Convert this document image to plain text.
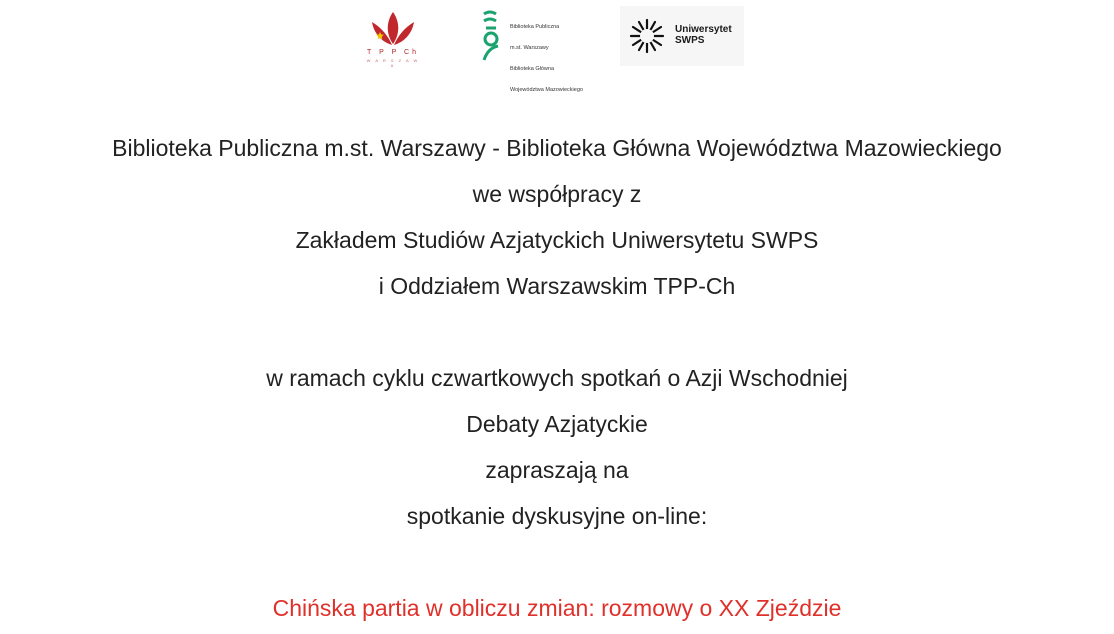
T P P Ch
W A R S Z A W A

Biblioteka Publiczna

m.st. Warszawy

Biblioteka Główna

Województwa Mazowieckiego

Uniwersytet
SWPS
Biblioteka Publiczna m.st. Warszawy - Biblioteka Główna Województwa Mazowieckiego
we współpracy z
Zakładem Studiów Azjatyckich Uniwersytetu SWPS
i Oddziałem Warszawskim TPP-Ch
w ramach cyklu czwartkowych spotkań o Azji Wschodniej
Debaty Azjatyckie
zapraszają na
spotkanie dyskusyjne on-line:
Chińska partia w obliczu zmian: rozmowy o XX Zjeździe
